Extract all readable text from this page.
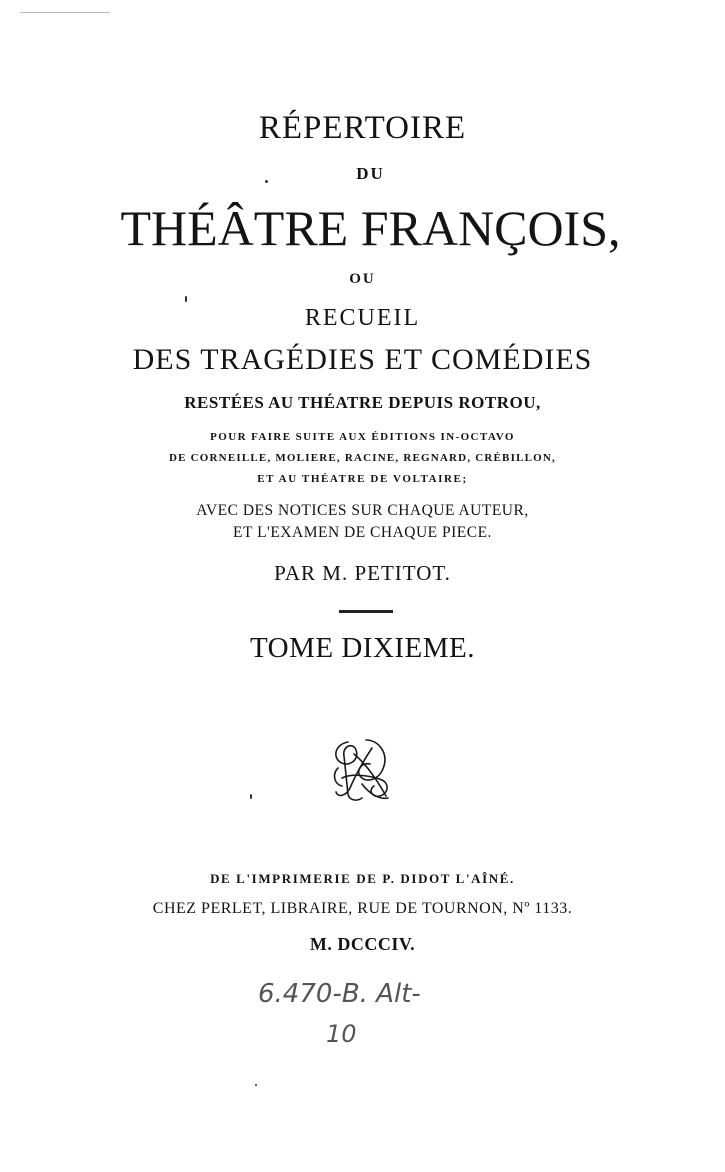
RÉPERTOIRE
DU
THÉÂTRE FRANÇOIS,
OU
RECUEIL
DES TRAGÉDIES ET COMÉDIES
RESTÉES AU THÉATRE DEPUIS ROTROU,
POUR FAIRE SUITE AUX ÉDITIONS IN-OCTAVO
DE CORNEILLE, MOLIERE, RACINE, REGNARD, CRÉBILLON,
ET AU THÉATRE DE VOLTAIRE;
AVEC DES NOTICES SUR CHAQUE AUTEUR,
ET L'EXAMEN DE CHAQUE PIECE.
PAR M. PETITOT.
TOME DIXIEME.
DE L'IMPRIMERIE DE P. DIDOT L'AÎNÉ.
CHEZ PERLET, LIBRAIRE, RUE DE TOURNON, Nº 1133.
M. DCCCIV.
6.470-B. Alt-
10
